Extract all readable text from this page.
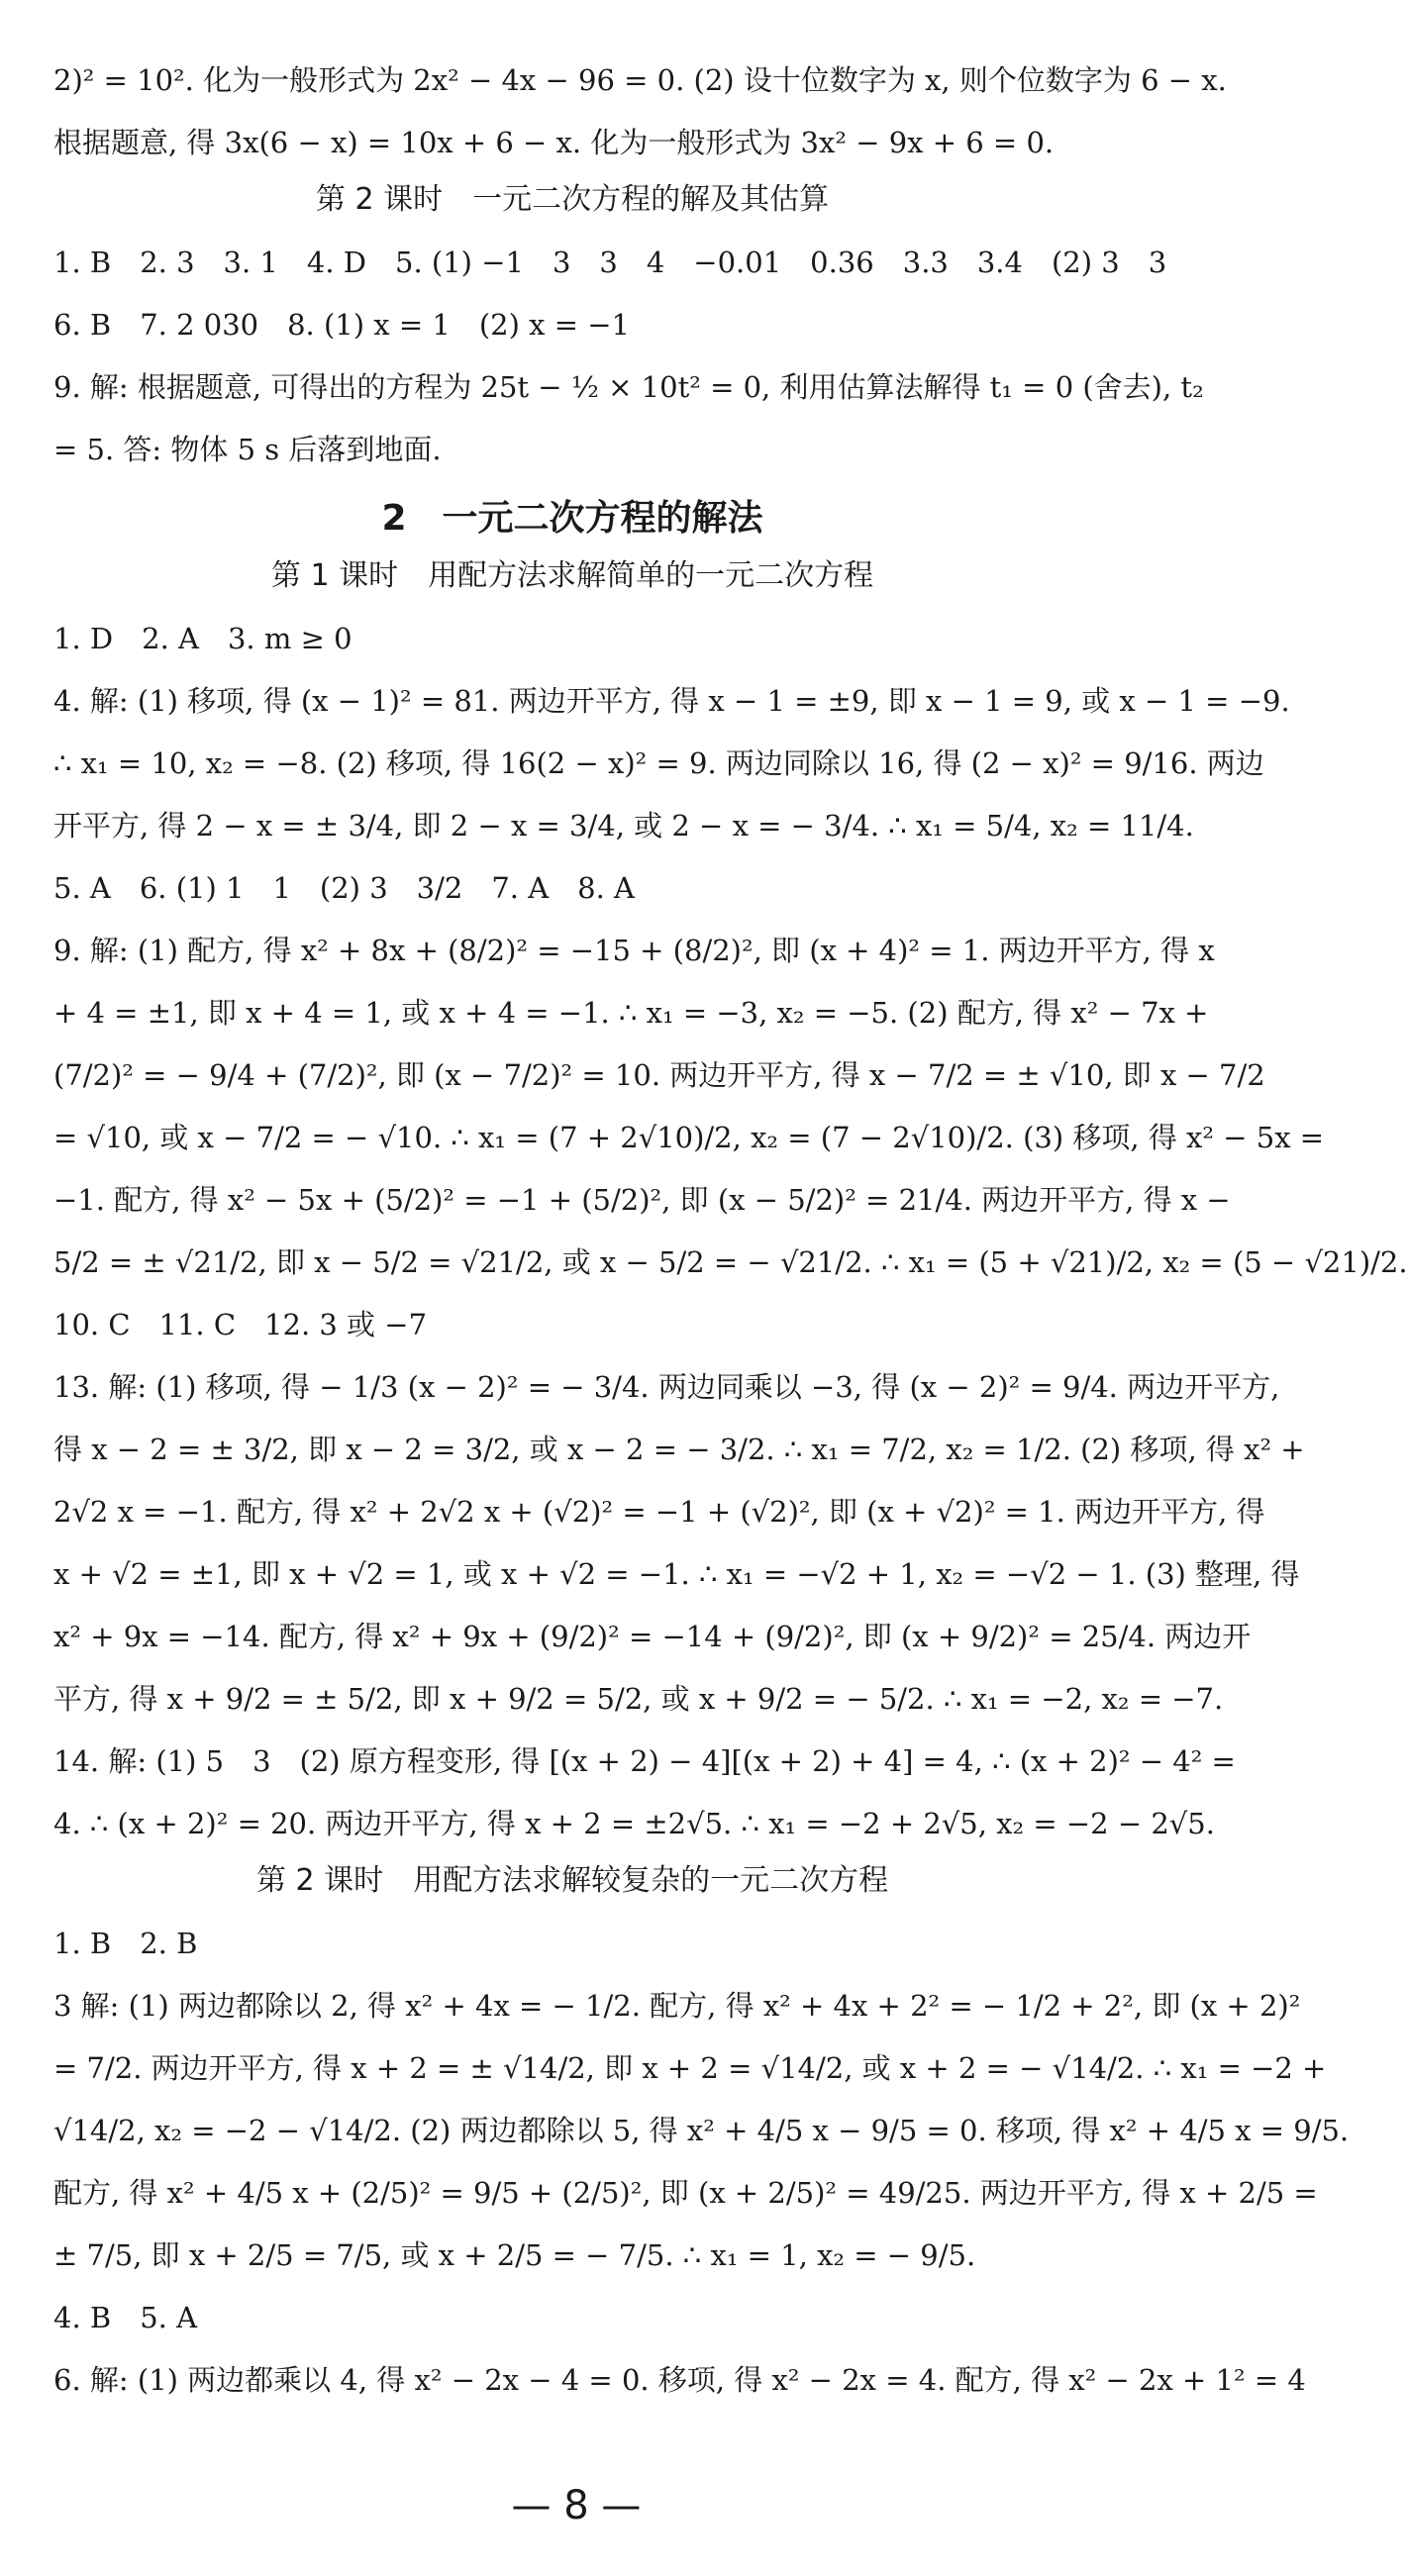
2)² = 10². 化为一般形式为 2x² − 4x − 96 = 0. (2) 设十位数字为 x, 则个位数字为 6 − x.
根据题意, 得 3x(6 − x) = 10x + 6 − x. 化为一般形式为 3x² − 9x + 6 = 0.
第 2 课时　一元二次方程的解及其估算
1. B　2. 3　3. 1　4. D　5. (1) −1　3　3　4　−0.01　0.36　3.3　3.4　(2) 3　3
6. B　7. 2 030　8. (1) x = 1　(2) x = −1
9. 解: 根据题意, 可得出的方程为 25t − ½ × 10t² = 0, 利用估算法解得 t₁ = 0 (舍去), t₂
= 5. 答: 物体 5 s 后落到地面.
2　一元二次方程的解法
第 1 课时　用配方法求解简单的一元二次方程
1. D　2. A　3. m ≥ 0
4. 解: (1) 移项, 得 (x − 1)² = 81. 两边开平方, 得 x − 1 = ±9, 即 x − 1 = 9, 或 x − 1 = −9.
∴ x₁ = 10, x₂ = −8. (2) 移项, 得 16(2 − x)² = 9. 两边同除以 16, 得 (2 − x)² = 9/16. 两边
开平方, 得 2 − x = ± 3/4, 即 2 − x = 3/4, 或 2 − x = − 3/4. ∴ x₁ = 5/4, x₂ = 11/4.
5. A　6. (1) 1　1　(2) 3　3/2　7. A　8. A
9. 解: (1) 配方, 得 x² + 8x + (8/2)² = −15 + (8/2)², 即 (x + 4)² = 1. 两边开平方, 得 x
+ 4 = ±1, 即 x + 4 = 1, 或 x + 4 = −1. ∴ x₁ = −3, x₂ = −5. (2) 配方, 得 x² − 7x +
(7/2)² = − 9/4 + (7/2)², 即 (x − 7/2)² = 10. 两边开平方, 得 x − 7/2 = ± √10, 即 x − 7/2
= √10, 或 x − 7/2 = − √10. ∴ x₁ = (7 + 2√10)/2, x₂ = (7 − 2√10)/2. (3) 移项, 得 x² − 5x =
−1. 配方, 得 x² − 5x + (5/2)² = −1 + (5/2)², 即 (x − 5/2)² = 21/4. 两边开平方, 得 x −
5/2 = ± √21/2, 即 x − 5/2 = √21/2, 或 x − 5/2 = − √21/2. ∴ x₁ = (5 + √21)/2, x₂ = (5 − √21)/2.
10. C　11. C　12. 3 或 −7
13. 解: (1) 移项, 得 − 1/3 (x − 2)² = − 3/4. 两边同乘以 −3, 得 (x − 2)² = 9/4. 两边开平方,
得 x − 2 = ± 3/2, 即 x − 2 = 3/2, 或 x − 2 = − 3/2. ∴ x₁ = 7/2, x₂ = 1/2. (2) 移项, 得 x² +
2√2 x = −1. 配方, 得 x² + 2√2 x + (√2)² = −1 + (√2)², 即 (x + √2)² = 1. 两边开平方, 得
x + √2 = ±1, 即 x + √2 = 1, 或 x + √2 = −1. ∴ x₁ = −√2 + 1, x₂ = −√2 − 1. (3) 整理, 得
x² + 9x = −14. 配方, 得 x² + 9x + (9/2)² = −14 + (9/2)², 即 (x + 9/2)² = 25/4. 两边开
平方, 得 x + 9/2 = ± 5/2, 即 x + 9/2 = 5/2, 或 x + 9/2 = − 5/2. ∴ x₁ = −2, x₂ = −7.
14. 解: (1) 5　3　(2) 原方程变形, 得 [(x + 2) − 4][(x + 2) + 4] = 4, ∴ (x + 2)² − 4² =
4. ∴ (x + 2)² = 20. 两边开平方, 得 x + 2 = ±2√5. ∴ x₁ = −2 + 2√5, x₂ = −2 − 2√5.
第 2 课时　用配方法求解较复杂的一元二次方程
1. B　2. B
3 解: (1) 两边都除以 2, 得 x² + 4x = − 1/2. 配方, 得 x² + 4x + 2² = − 1/2 + 2², 即 (x + 2)²
= 7/2. 两边开平方, 得 x + 2 = ± √14/2, 即 x + 2 = √14/2, 或 x + 2 = − √14/2. ∴ x₁ = −2 +
√14/2, x₂ = −2 − √14/2. (2) 两边都除以 5, 得 x² + 4/5 x − 9/5 = 0. 移项, 得 x² + 4/5 x = 9/5.
配方, 得 x² + 4/5 x + (2/5)² = 9/5 + (2/5)², 即 (x + 2/5)² = 49/25. 两边开平方, 得 x + 2/5 =
± 7/5, 即 x + 2/5 = 7/5, 或 x + 2/5 = − 7/5. ∴ x₁ = 1, x₂ = − 9/5.
4. B　5. A
6. 解: (1) 两边都乘以 4, 得 x² − 2x − 4 = 0. 移项, 得 x² − 2x = 4. 配方, 得 x² − 2x + 1² = 4
— 8 —
